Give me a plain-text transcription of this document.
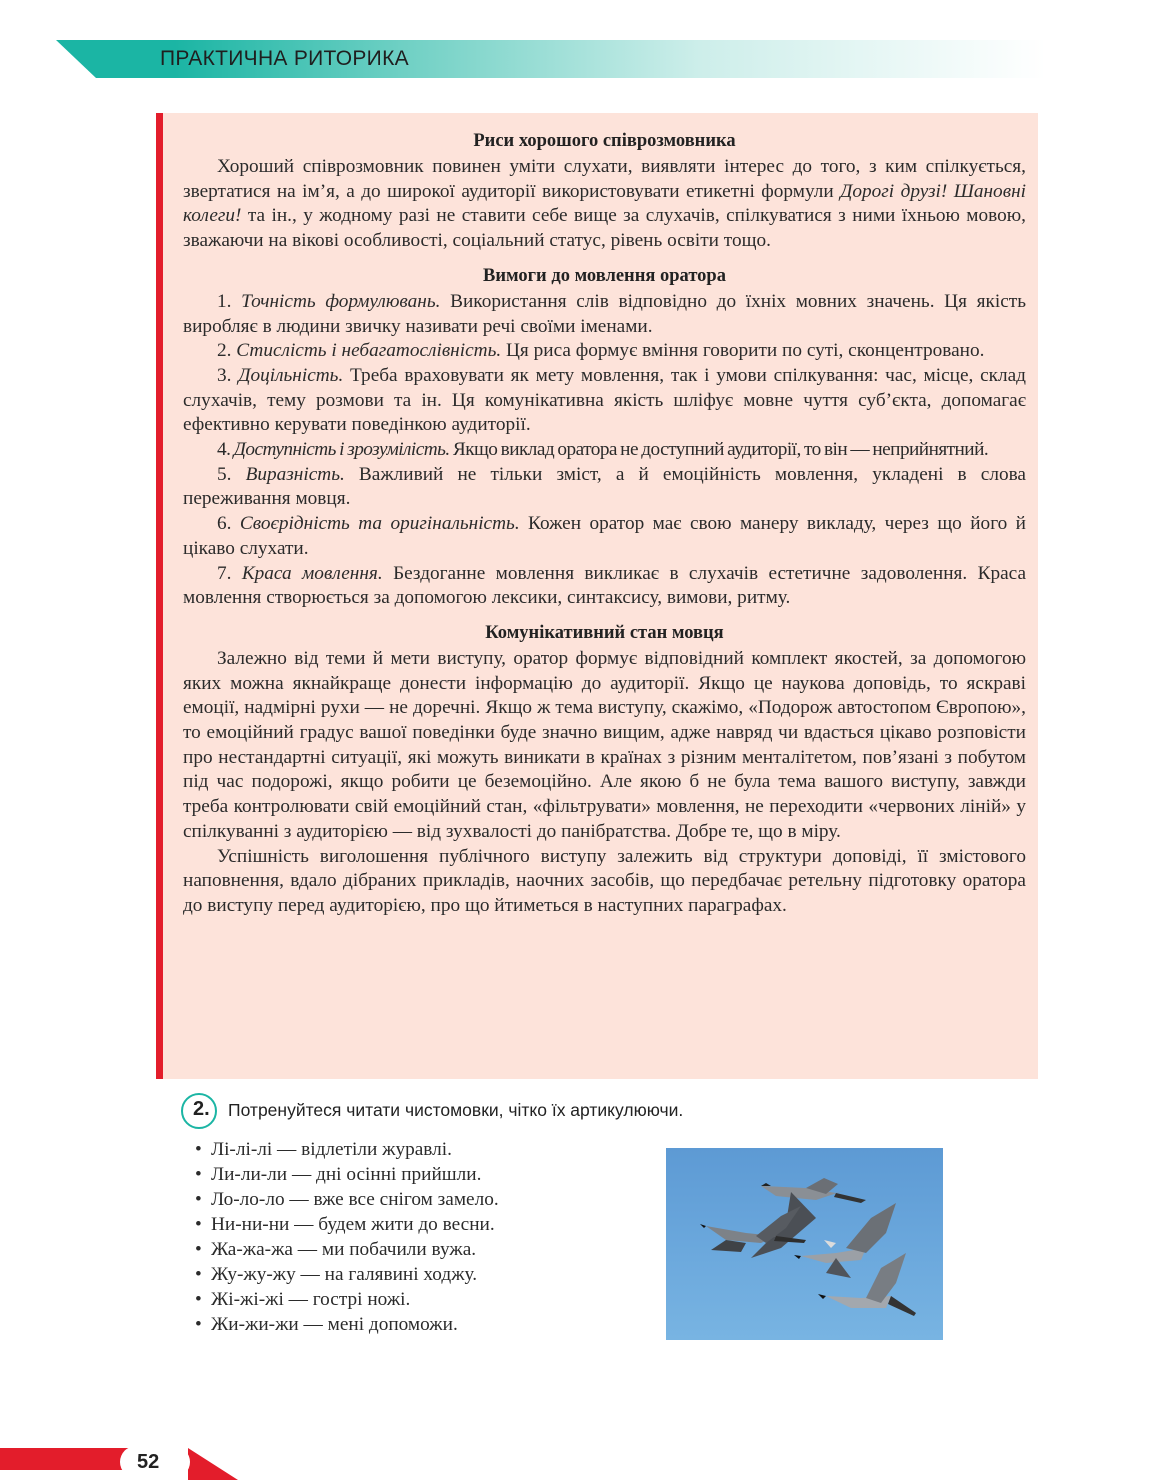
ПРАКТИЧНА РИТОРИКА
Риси хорошого співрозмовника

Хороший співрозмовник повинен уміти слухати, виявляти інтерес до того, з ким спілкується, звертатися на ім’я, а до широкої аудиторії використовувати етикетні формули Дорогі друзі! Шановні колеги! та ін., у жодному разі не ставити себе вище за слухачів, спілкуватися з ними їхньою мовою, зважаючи на вікові особливості, соціальний статус, рівень освіти тощо.

Вимоги до мовлення оратора

1. Точність формулювань. Використання слів відповідно до їхніх мовних значень. Ця якість виробляє в людини звичку називати речі своїми іменами.

2. Стислість і небагатослівність. Ця риса формує вміння говорити по суті, сконцентровано.

3. Доцільність. Треба враховувати як мету мовлення, так і умови спілкування: час, місце, склад слухачів, тему розмови та ін. Ця комунікативна якість шліфує мовне чуття суб’єкта, допомагає ефективно керувати поведінкою аудиторії.

4. Доступність і зрозумілість. Якщо виклад оратора не доступний аудиторії, то він — неприйнятний.

5. Виразність. Важливий не тільки зміст, а й емоційність мовлення, укладені в слова переживання мовця.

6. Своєрідність та оригінальність. Кожен оратор має свою манеру викладу, через що його й цікаво слухати.

7. Краса мовлення. Бездоганне мовлення викликає в слухачів естетичне задоволення. Краса мовлення створюється за допомогою лексики, синтаксису, вимови, ритму.

Комунікативний стан мовця

Залежно від теми й мети виступу, оратор формує відповідний комплект якостей, за допомогою яких можна якнайкраще донести інформацію до аудиторії. Якщо це наукова доповідь, то яскраві емоції, надмірні рухи — не доречні. Якщо ж тема виступу, скажімо, «Подорож автостопом Європою», то емоційний градус вашої поведінки буде значно вищим, адже навряд чи вдасться цікаво розповісти про нестандартні ситуації, які можуть виникати в країнах з різним менталітетом, пов’язані з побутом під час подорожі, якщо робити це беземоційно. Але якою б не була тема вашого виступу, завжди треба контролювати свій емоційний стан, «фільтрувати» мовлення, не переходити «червоних ліній» у спілкуванні з аудиторією — від зухвалості до панібратства. Добре те, що в міру.

Успішність виголошення публічного виступу залежить від структури доповіді, її змістового наповнення, вдало дібраних прикладів, наочних засобів, що передбачає ретельну підготовку оратора до виступу перед аудиторією, про що йтиметься в наступних параграфах.

2. Потренуйтеся читати чистомовки, чітко їх артикулюючи.
• Лі-лі-лі — відлетіли журавлі.
• Ли-ли-ли — дні осінні прийшли.
• Ло-ло-ло — вже все снігом замело.
• Ни-ни-ни — будем жити до весни.
• Жа-жа-жа — ми побачили вужа.
• Жу-жу-жу — на галявині ходжу.
• Жі-жі-жі — гострі ножі.
• Жи-жи-жи — мені допоможи.
52
